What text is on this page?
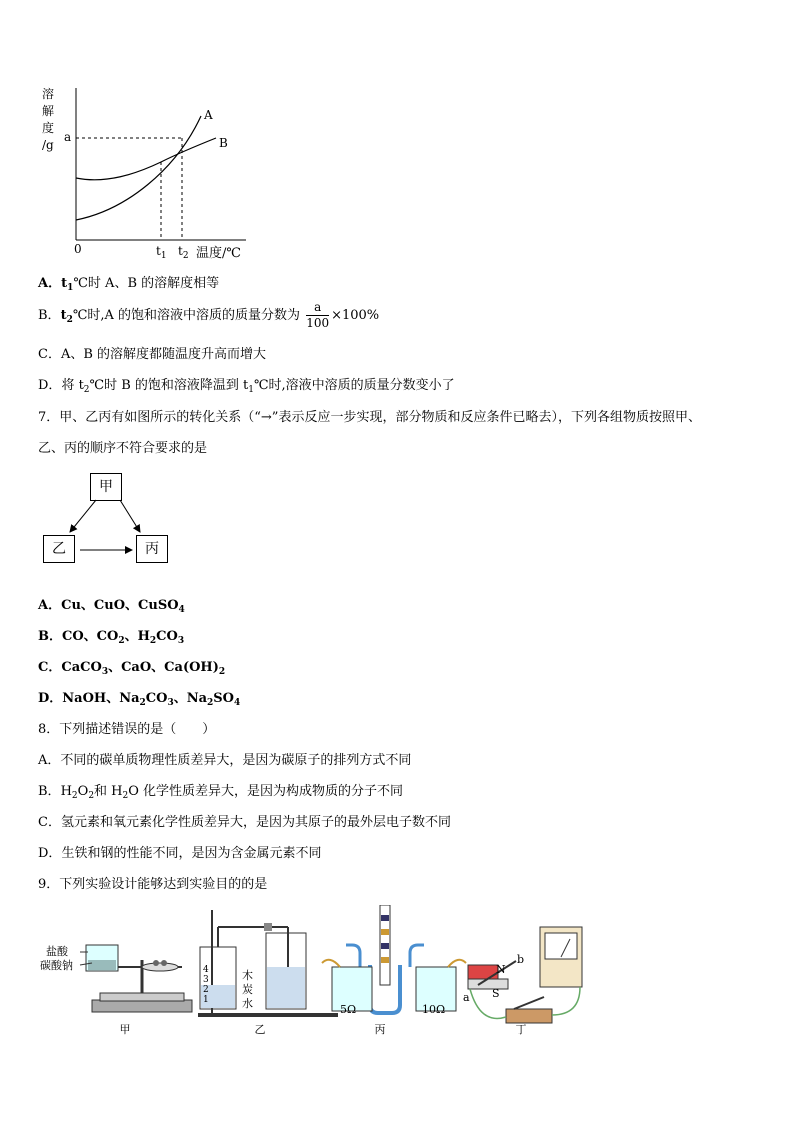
溶
解
度
/g
a
0	$t_1$ $t_2$ 温度/℃
A
B
A．$t_1℃$时 A、B 的溶解度相等
B．$t_2℃$时,A 的饱和溶液中溶质的质量分数为 $\frac{a}{100} \times 100\%$
C．A、B 的溶解度都随温度升高而增大
D．将 $t_2℃$时 B 的饱和溶液降温到 $t_1℃$时,溶液中溶质的质量分数变小了
7．甲、乙丙有如图所示的转化关系（“→”表示反应一步实现，部分物质和反应条件已略去），下列各组物质按照甲、
乙、丙的顺序不符合要求的是
甲
乙	丙
A．Cu、CuO、CuSO$_4$
B．CO、$CO_2$、$H_2CO_3$
C．CaCO$_3$、CaO、$Ca(OH)_2$
D．NaOH、$Na_2CO_3$、$Na_2SO_4$
8．下列描述错误的是（　　）
A．不同的碳单质物理性质差异大，是因为碳原子的排列方式不同
B．$H_2O_2$和 $H_2O$ 化学性质差异大，是因为构成物质的分子不同
C．氢元素和氧元素化学性质差异大，是因为其原子的最外层电子数不同
D．生铁和钢的性能不同，是因为含金属元素不同
9．下列实验设计能够达到实验目的的是
盐酸
碳酸钠	4
3
2
1
木
炭
水	5Ω	10Ω
N
b
a S
甲	乙	丙	丁
